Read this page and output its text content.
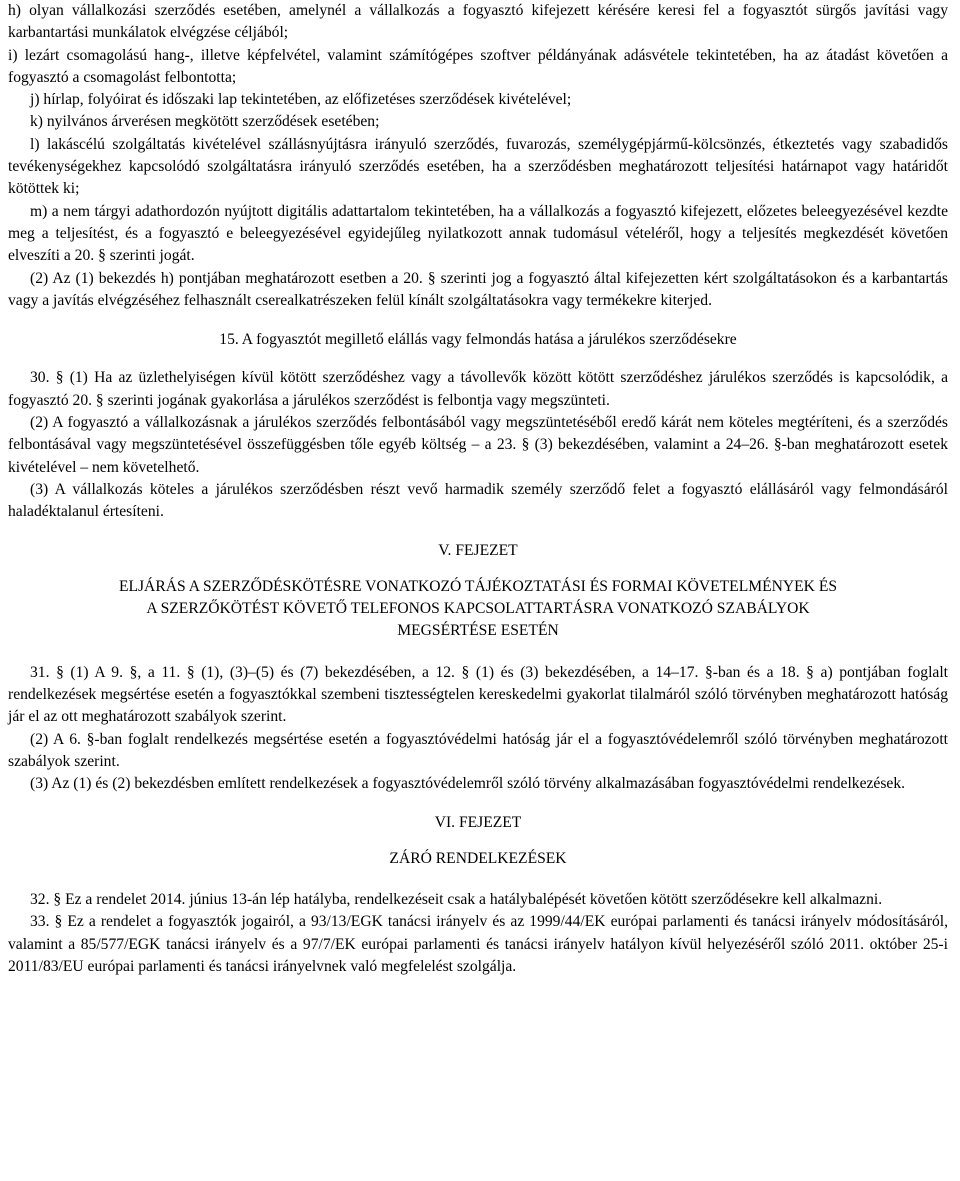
h) olyan vállalkozási szerződés esetében, amelynél a vállalkozás a fogyasztó kifejezett kérésére keresi fel a fogyasztót sürgős javítási vagy karbantartási munkálatok elvégzése céljából;

i) lezárt csomagolású hang-, illetve képfelvétel, valamint számítógépes szoftver példányának adásvétele tekintetében, ha az átadást követően a fogyasztó a csomagolást felbontotta;

j) hírlap, folyóirat és időszaki lap tekintetében, az előfizetéses szerződések kivételével;

k) nyilvános árverésen megkötött szerződések esetében;

l) lakáscélú szolgáltatás kivételével szállásnyújtásra irányuló szerződés, fuvarozás, személygépjármű-kölcsönzés, étkeztetés vagy szabadidős tevékenységekhez kapcsolódó szolgáltatásra irányuló szerződés esetében, ha a szerződésben meghatározott teljesítési határnapot vagy határidőt kötöttek ki;

m) a nem tárgyi adathordozón nyújtott digitális adattartalom tekintetében, ha a vállalkozás a fogyasztó kifejezett, előzetes beleegyezésével kezdte meg a teljesítést, és a fogyasztó e beleegyezésével egyidejűleg nyilatkozott annak tudomásul vételéről, hogy a teljesítés megkezdését követően elveszíti a 20. § szerinti jogát.

(2) Az (1) bekezdés h) pontjában meghatározott esetben a 20. § szerinti jog a fogyasztó által kifejezetten kért szolgáltatásokon és a karbantartás vagy a javítás elvégzéséhez felhasznált cserealkatrészeken felül kínált szolgáltatásokra vagy termékekre kiterjed.

15. A fogyasztót megillető elállás vagy felmondás hatása a járulékos szerződésekre

30. § (1) Ha az üzlethelyiségen kívül kötött szerződéshez vagy a távollevők között kötött szerződéshez járulékos szerződés is kapcsolódik, a fogyasztó 20. § szerinti jogának gyakorlása a járulékos szerződést is felbontja vagy megszünteti.

(2) A fogyasztó a vállalkozásnak a járulékos szerződés felbontásából vagy megszüntetéséből eredő kárát nem köteles megtéríteni, és a szerződés felbontásával vagy megszüntetésével összefüggésben tőle egyéb költség – a 23. § (3) bekezdésében, valamint a 24–26. §-ban meghatározott esetek kivételével – nem követelhető.

(3) A vállalkozás köteles a járulékos szerződésben részt vevő harmadik személy szerződő felet a fogyasztó elállásáról vagy felmondásáról haladéktalanul értesíteni.

V. FEJEZET
ELJÁRÁS A SZERZŐDÉSKÖTÉSRE VONATKOZÓ TÁJÉKOZTATÁSI ÉS FORMAI KÖVETELMÉNYEK ÉS
A SZERZŐKÖTÉST KÖVETŐ TELEFONOS KAPCSOLATTARTÁSRA VONATKOZÓ SZABÁLYOK
MEGSÉRTÉSE ESETÉN

31. § (1) A 9. §, a 11. § (1), (3)–(5) és (7) bekezdésében, a 12. § (1) és (3) bekezdésében, a 14–17. §-ban és a 18. § a) pontjában foglalt rendelkezések megsértése esetén a fogyasztókkal szembeni tisztességtelen kereskedelmi gyakorlat tilalmáról szóló törvényben meghatározott hatóság jár el az ott meghatározott szabályok szerint.

(2) A 6. §-ban foglalt rendelkezés megsértése esetén a fogyasztóvédelmi hatóság jár el a fogyasztóvédelemről szóló törvényben meghatározott szabályok szerint.

(3) Az (1) és (2) bekezdésben említett rendelkezések a fogyasztóvédelemről szóló törvény alkalmazásában fogyasztóvédelmi rendelkezések.

VI. FEJEZET
ZÁRÓ RENDELKEZÉSEK

32. § Ez a rendelet 2014. június 13-án lép hatályba, rendelkezéseit csak a hatálybalépését követően kötött szerződésekre kell alkalmazni.

33. § Ez a rendelet a fogyasztók jogairól, a 93/13/EGK tanácsi irányelv és az 1999/44/EK európai parlamenti és tanácsi irányelv módosításáról, valamint a 85/577/EGK tanácsi irányelv és a 97/7/EK európai parlamenti és tanácsi irányelv hatályon kívül helyezéséről szóló 2011. október 25-i 2011/83/EU európai parlamenti és tanácsi irányelvnek való megfelelést szolgálja.
